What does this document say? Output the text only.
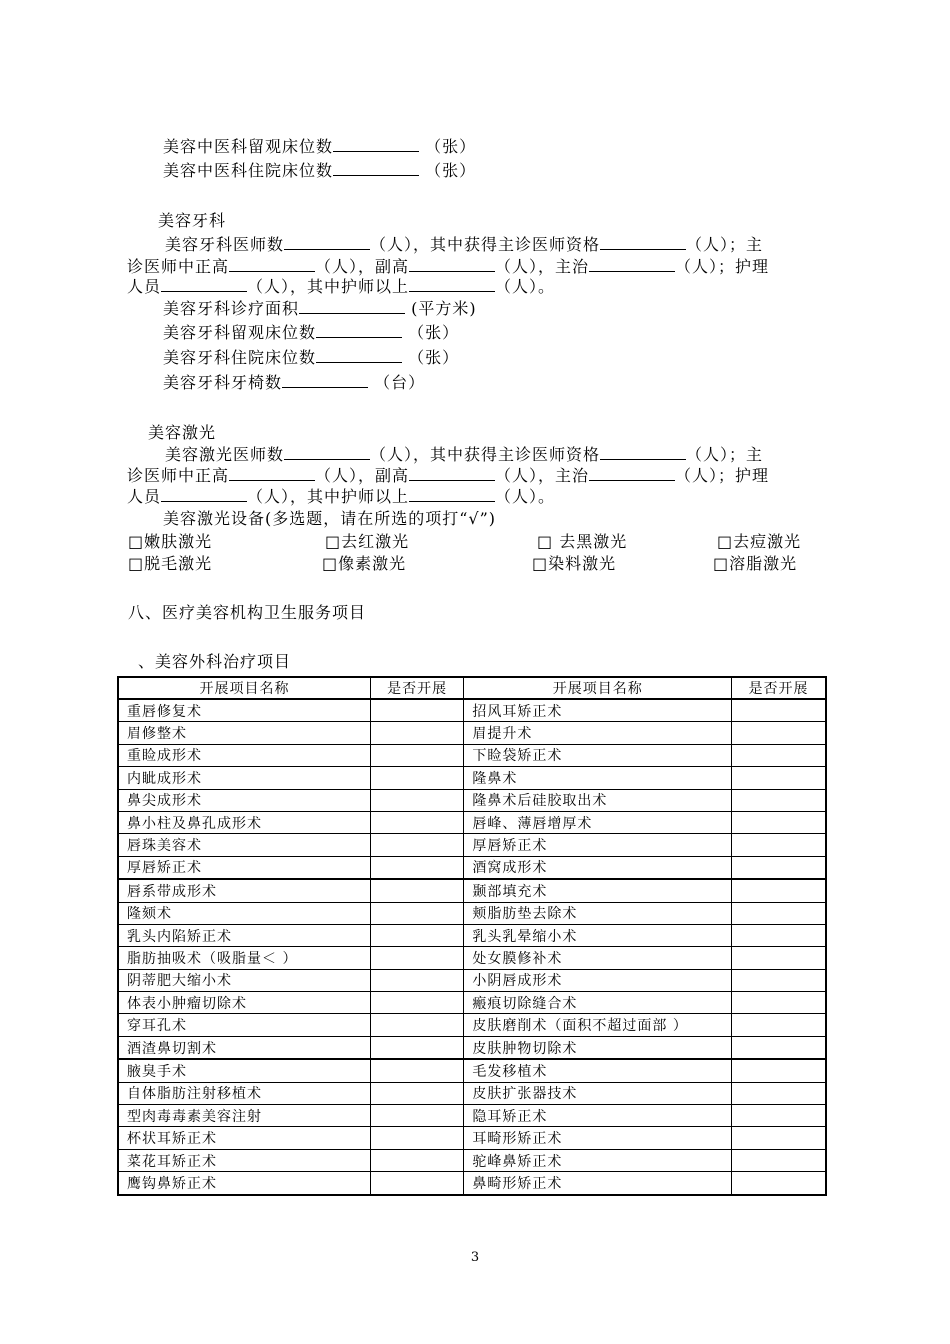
美容中医科留观床位数	（张）
美容中医科住院床位数	（张）
美容牙科
美容牙科医师数	（人），其中获得主诊医师资格	（人）；主
诊医师中正高	（人），副高	（人），主治	（人）；护理
人员	（人），其中护师以上	（人）。
美容牙科诊疗面积	(平方米)
美容牙科留观床位数	（张）
美容牙科住院床位数	（张）
美容牙科牙椅数	（台）
美容激光
美容激光医师数	（人），其中获得主诊医师资格	（人）；主
诊医师中正高	（人），副高	（人），主治	（人）；护理
人员	（人），其中护师以上	（人）。
美容激光设备(多选题，请在所选的项打“√”)
□嫩肤激光	□去红激光	□ 去黑激光	□去痘激光
□脱毛激光	□像素激光	□染料激光	□溶脂激光
八、医疗美容机构卫生服务项目
、美容外科治疗项目
开展项目名称	是否开展	开展项目名称	是否开展
重唇修复术		招风耳矫正术	
眉修整术		眉提升术	
重睑成形术		下睑袋矫正术	
内眦成形术		隆鼻术	
鼻尖成形术		隆鼻术后硅胶取出术	
鼻小柱及鼻孔成形术		唇峰、薄唇增厚术	
唇珠美容术		厚唇矫正术	
厚唇矫正术		酒窝成形术	
唇系带成形术		颞部填充术	
隆颏术		颊脂肪垫去除术	
乳头内陷矫正术		乳头乳晕缩小术	
脂肪抽吸术（吸脂量＜ ）		处女膜修补术	
阴蒂肥大缩小术		小阴唇成形术	
体表小肿瘤切除术		瘢痕切除缝合术	
穿耳孔术		皮肤磨削术（面积不超过面部 ）	
酒渣鼻切割术		皮肤肿物切除术	
腋臭手术		毛发移植术	
自体脂肪注射移植术		皮肤扩张器技术	
型肉毒毒素美容注射		隐耳矫正术	
杯状耳矫正术		耳畸形矫正术	
菜花耳矫正术		驼峰鼻矫正术	
鹰钩鼻矫正术		鼻畸形矫正术	
3
